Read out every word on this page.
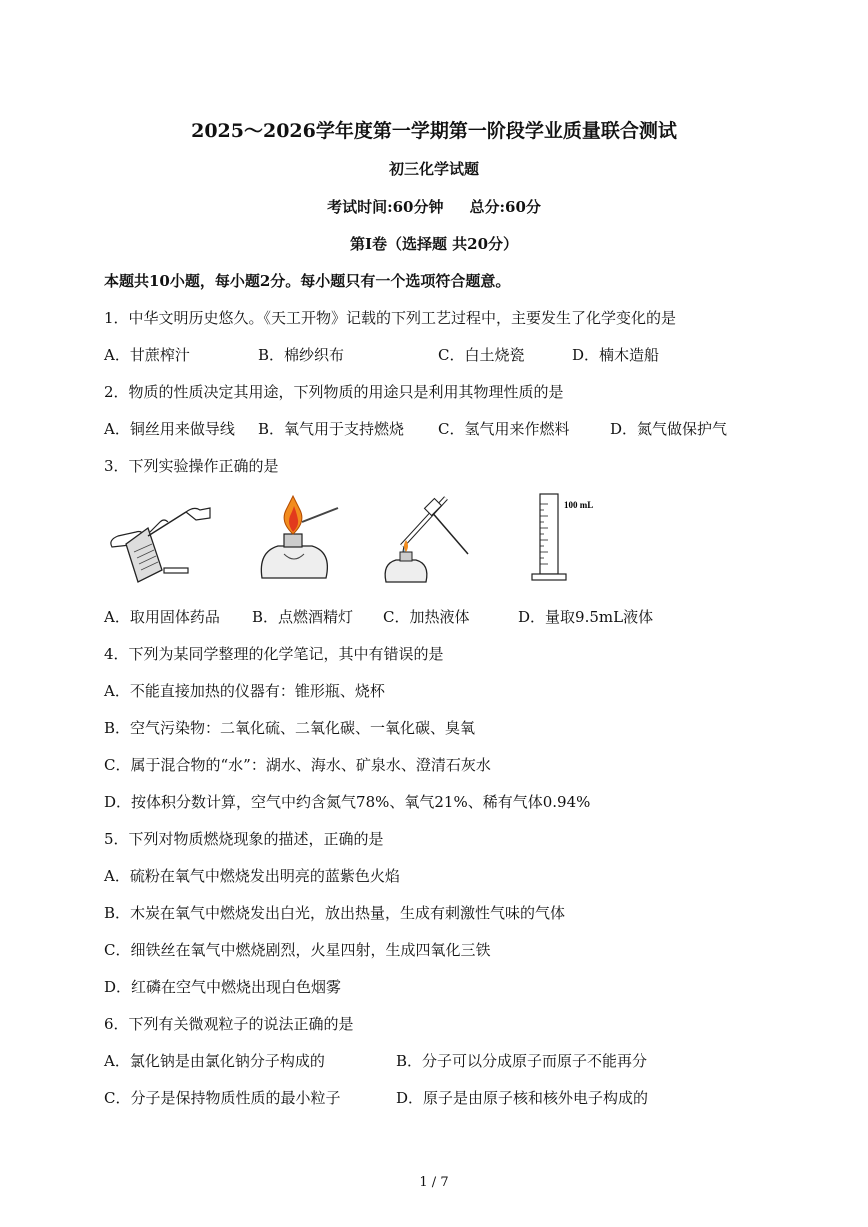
2025～2026学年度第一学期第一阶段学业质量联合测试
初三化学试题
考试时间:60分钟 总分:60分
第Ⅰ卷（选择题 共20分）
本题共10小题，每小题2分。每小题只有一个选项符合题意。
1．中华文明历史悠久。《天工开物》记载的下列工艺过程中，主要发生了化学变化的是
A．甘蔗榨汁	B．棉纱织布	C．白土烧瓷	D．楠木造船
2．物质的性质决定其用途，下列物质的用途只是利用其物理性质的是
A．铜丝用来做导线 B．氧气用于支持燃烧 C．氢气用来作燃料	D．氮气做保护气
3．下列实验操作正确的是
100 mL
A．取用固体药品 B．点燃酒精灯 C．加热液体	D．量取9.5mL液体
4．下列为某同学整理的化学笔记，其中有错误的是
A．不能直接加热的仪器有：锥形瓶、烧杯
B．空气污染物：二氧化硫、二氧化碳、一氧化碳、臭氧
C．属于混合物的“水”：湖水、海水、矿泉水、澄清石灰水
D．按体积分数计算，空气中约含氮气78%、氧气21%、稀有气体0.94%
5．下列对物质燃烧现象的描述，正确的是
A．硫粉在氧气中燃烧发出明亮的蓝紫色火焰
B．木炭在氧气中燃烧发出白光，放出热量，生成有刺激性气味的气体
C．细铁丝在氧气中燃烧剧烈，火星四射，生成四氧化三铁
D．红磷在空气中燃烧出现白色烟雾
6．下列有关微观粒子的说法正确的是
A．氯化钠是由氯化钠分子构成的	B．分子可以分成原子而原子不能再分
C．分子是保持物质性质的最小粒子	D．原子是由原子核和核外电子构成的
1 / 7
